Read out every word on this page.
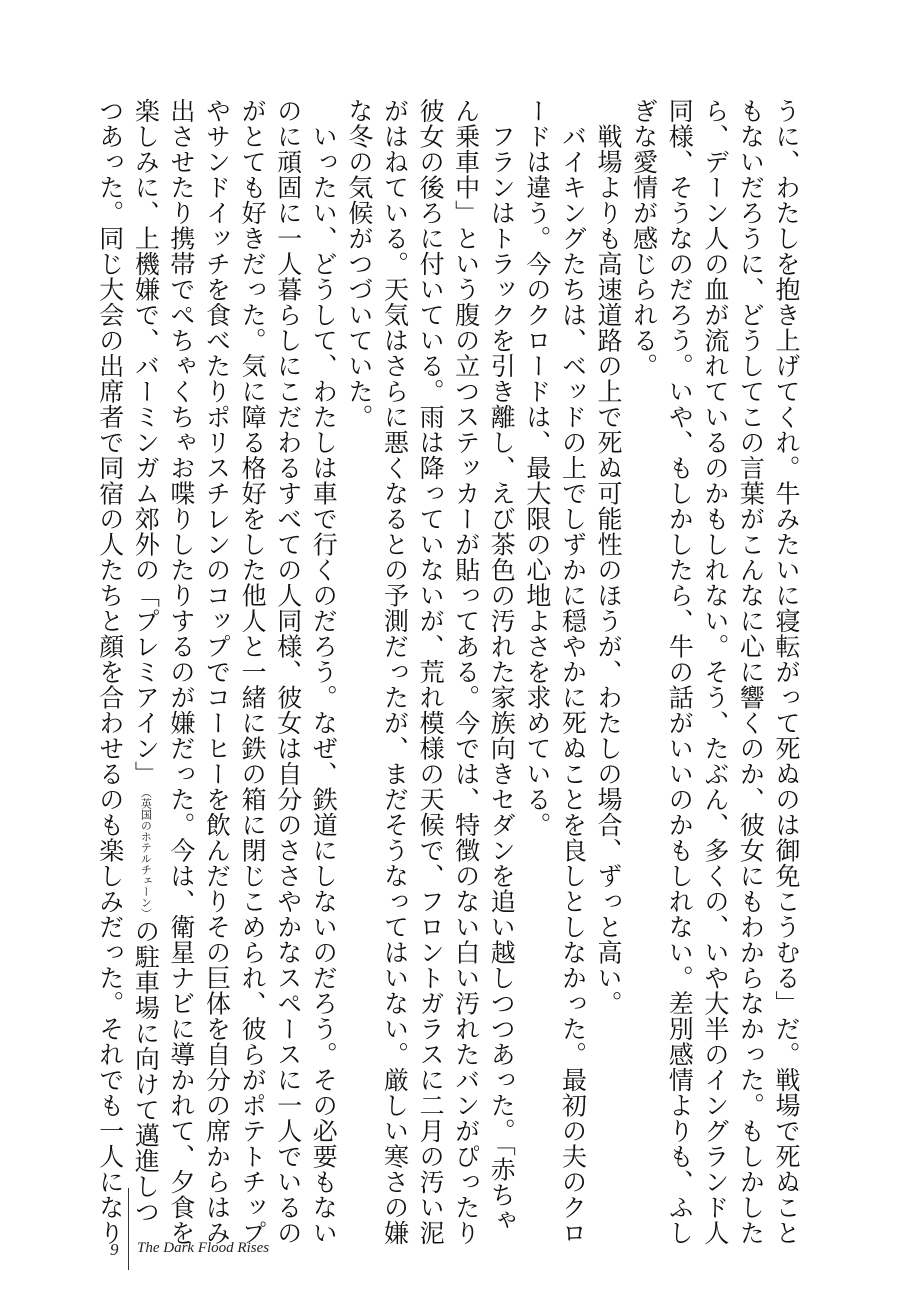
うに、わたしを抱き上げてくれ。牛みたいに寝転がって死ぬのは御免こうむる」だ。戦場で死ぬこと
もないだろうに、どうしてこの言葉がこんなに心に響くのか、彼女にもわからなかった。もしかした
ら、デーン人の血が流れているのかもしれない。そう、たぶん、多くの、いや大半のイングランド人
同様、そうなのだろう。いや、もしかしたら、牛の話がいいのかもしれない。差別感情よりも、ふし
ぎな愛情が感じられる。
　戦場よりも高速道路の上で死ぬ可能性のほうが、わたしの場合、ずっと高い。
　バイキングたちは、ベッドの上でしずかに穏やかに死ぬことを良しとしなかった。最初の夫のクロ
ードは違う。今のクロードは、最大限の心地よさを求めている。
　フランはトラックを引き離し、えび茶色の汚れた家族向きセダンを追い越しつつあった。「赤ちゃ
ん乗車中」という腹の立つステッカーが貼ってある。今では、特徴のない白い汚れたバンがぴったり
彼女の後ろに付いている。雨は降っていないが、荒れ模様の天候で、フロントガラスに二月の汚い泥
がはねている。天気はさらに悪くなるとの予測だったが、まだそうなってはいない。厳しい寒さの嫌
な冬の気候がつづいていた。
　いったい、どうして、わたしは車で行くのだろう。なぜ、鉄道にしないのだろう。その必要もない
のに頑固に一人暮らしにこだわるすべての人同様、彼女は自分のささやかなスペースに一人でいるの
がとても好きだった。気に障る格好をした他人と一緒に鉄の箱に閉じこめられ、彼らがポテトチップ
やサンドイッチを食べたりポリスチレンのコップでコーヒーを飲んだりその巨体を自分の席からはみ
出させたり携帯でぺちゃくちゃお喋りしたりするのが嫌だった。今は、衛星ナビに導かれて、夕食を
楽しみに、上機嫌で、バーミンガム郊外の「プレミアイン」（英国のホテルチェーン）の駐車場に向けて邁進しつ
つあった。同じ大会の出席者で同宿の人たちと顔を合わせるのも楽しみだった。それでも一人になり
9 The Dark Flood Rises
